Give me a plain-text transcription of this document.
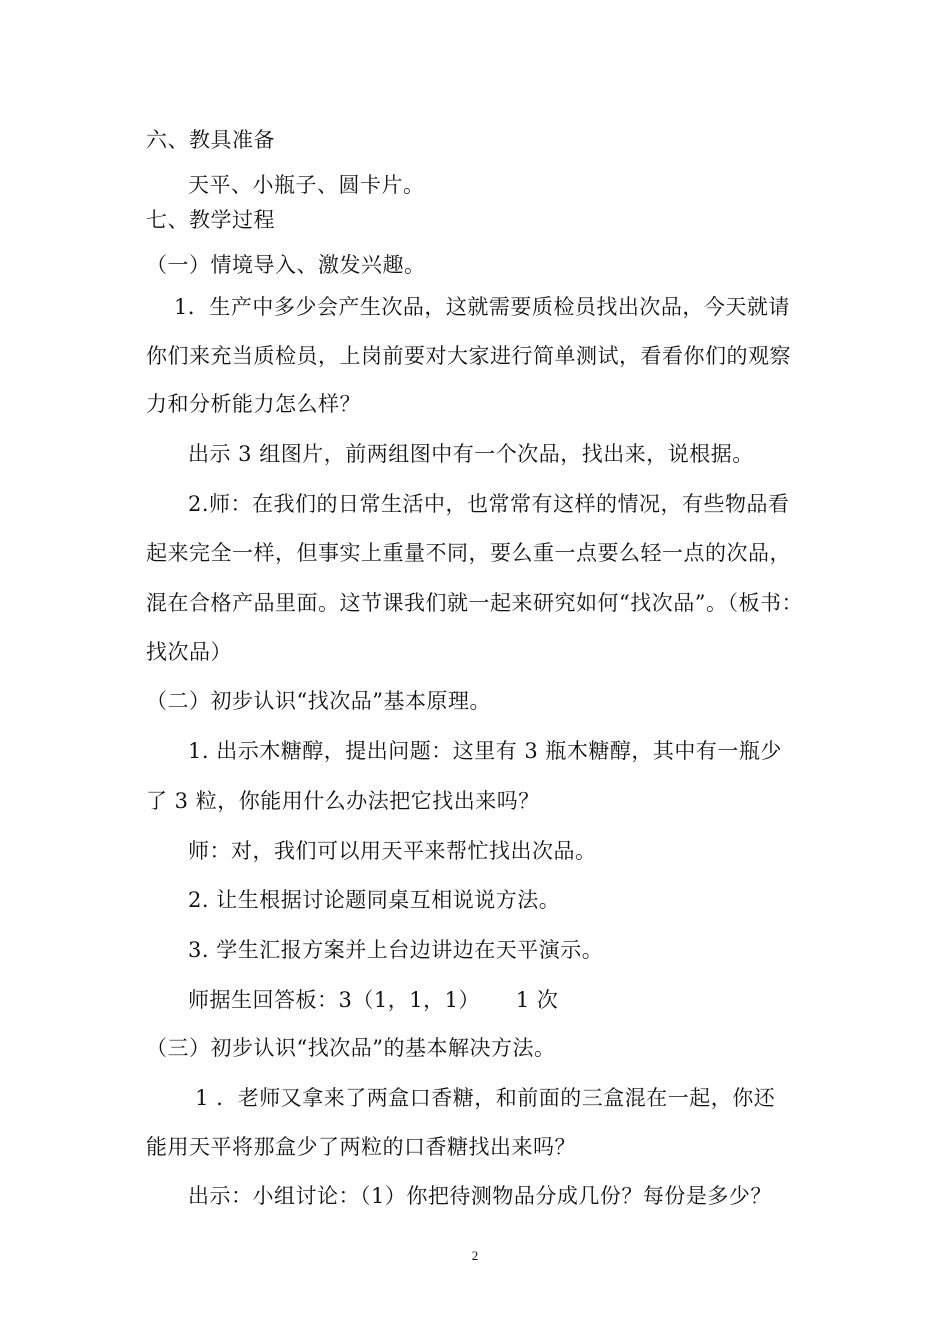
六、教具准备
天平、小瓶子、圆卡片。
七、教学过程
（一）情境导入、激发兴趣。
1．生产中多少会产生次品，这就需要质检员找出次品，今天就请
你们来充当质检员，上岗前要对大家进行简单测试，看看你们的观察
力和分析能力怎么样？
出示 3 组图片，前两组图中有一个次品，找出来，说根据。
2.师：在我们的日常生活中，也常常有这样的情况，有些物品看
起来完全一样，但事实上重量不同，要么重一点要么轻一点的次品，
混在合格产品里面。这节课我们就一起来研究如何“找次品”。（板书：
找次品）
（二）初步认识“找次品”基本原理。
1. 出示木糖醇，提出问题：这里有 3 瓶木糖醇，其中有一瓶少
了 3 粒，你能用什么办法把它找出来吗？
师：对，我们可以用天平来帮忙找出次品。
2. 让生根据讨论题同桌互相说说方法。
3. 学生汇报方案并上台边讲边在天平演示。
师据生回答板：3（1，1，1）     1 次
（三）初步认识“找次品”的基本解决方法。
1 ．老师又拿来了两盒口香糖，和前面的三盒混在一起，你还
能用天平将那盒少了两粒的口香糖找出来吗？
出示：小组讨论：（1）你把待测物品分成几份？每份是多少？
2
